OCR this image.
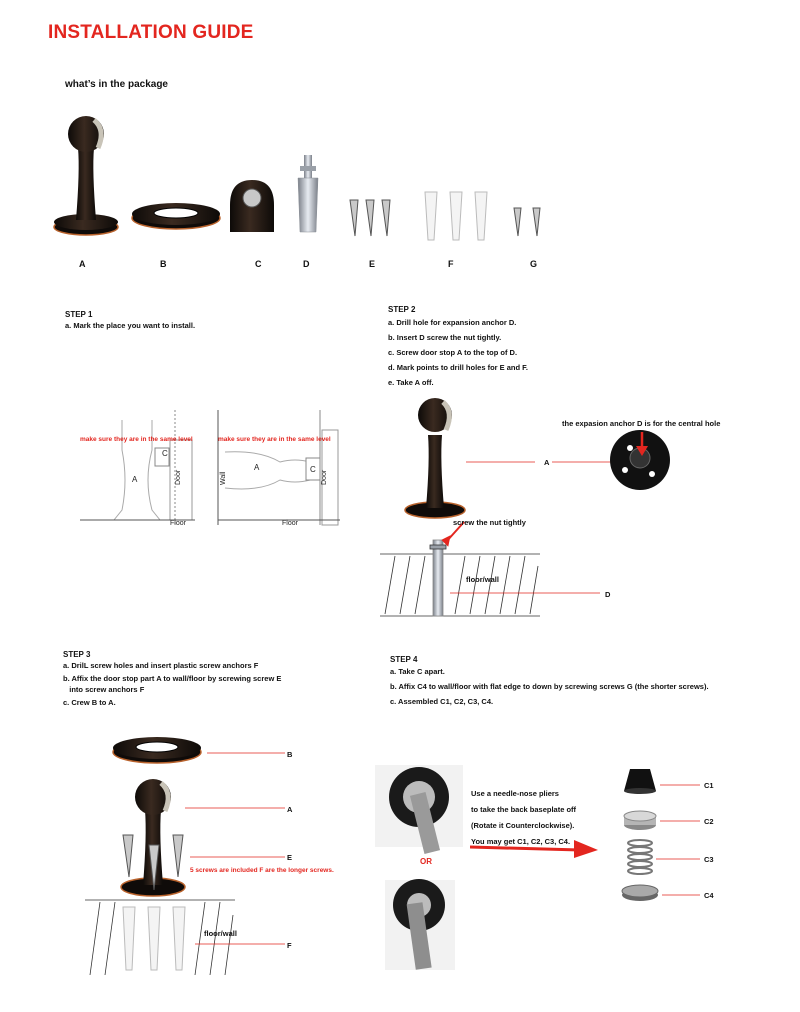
INSTALLATION GUIDE
what’s in the package
A	B	C	D	E	F	G
STEP 1
a. Mark the place you want to install.
C
A	Door
Floor
Wall
A	C
Door
Floor
make sure they are in the same level	make sure they are in the same level
STEP 2
a. Drill hole for expansion anchor D.
b. Insert D screw the nut tightly.
c. Screw door stop A to the top of D.
d. Mark points to drill holes for E and F.
e. Take A off.
the expasion anchor D is for the central hole
A
screw the nut tightly
floor/wall
D
STEP 3
a. DrilL screw holes and insert plastic screw anchors F
b. Affix the door stop part A to wall/floor by screwing screw E
into screw anchors F
c. Crew B to A.
B
A
E
5 screws are included F are the longer screws.
floor/wall
F
STEP 4
a. Take C apart.
b. Affix C4 to wall/floor with flat edge to down by screwing screws G (the shorter screws).
c. Assembled C1, C2, C3, C4.
OR
Use a needle-nose pliers
to take the back baseplate off
(Rotate it Counterclockwise).
You may get C1, C2, C3, C4.
C1
C2
C3
C4
